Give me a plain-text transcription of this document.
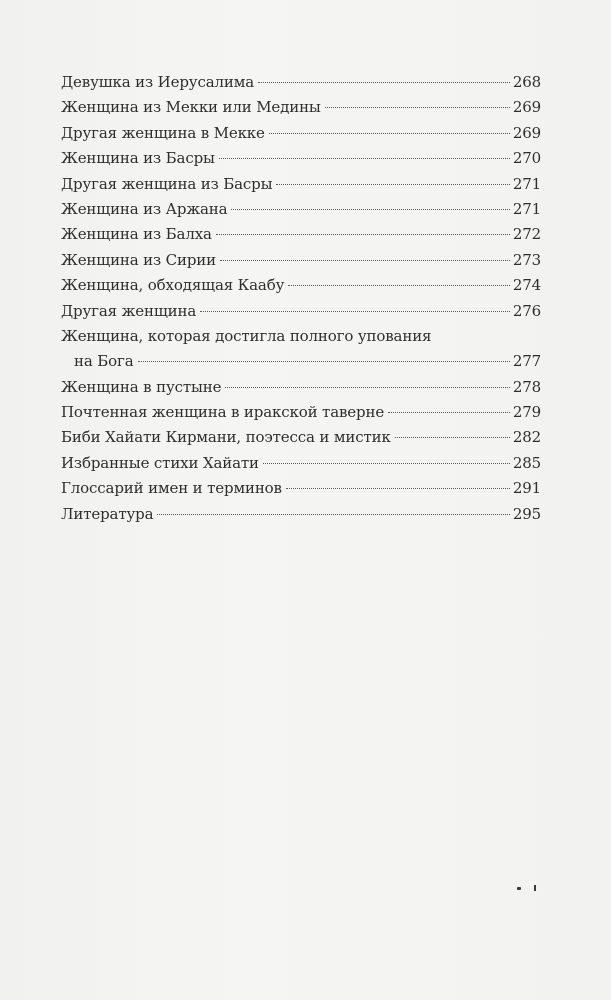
Девушка из Иерусалима	268
Женщина из Мекки или Медины	269
Другая женщина в Мекке	269
Женщина из Басры	270
Другая женщина из Басры	271
Женщина из Аржана	271
Женщина из Балха	272
Женщина из Сирии	273
Женщина, обходящая Каабу	274
Другая женщина	276
Женщина, которая достигла полного упования
на Бога	277
Женщина в пустыне	278
Почтенная женщина в иракской таверне	279
Биби Хайати Кирмани, поэтесса и мистик	282
Избранные стихи Хайати	285
Глоссарий имен и терминов	291
Литература	295
